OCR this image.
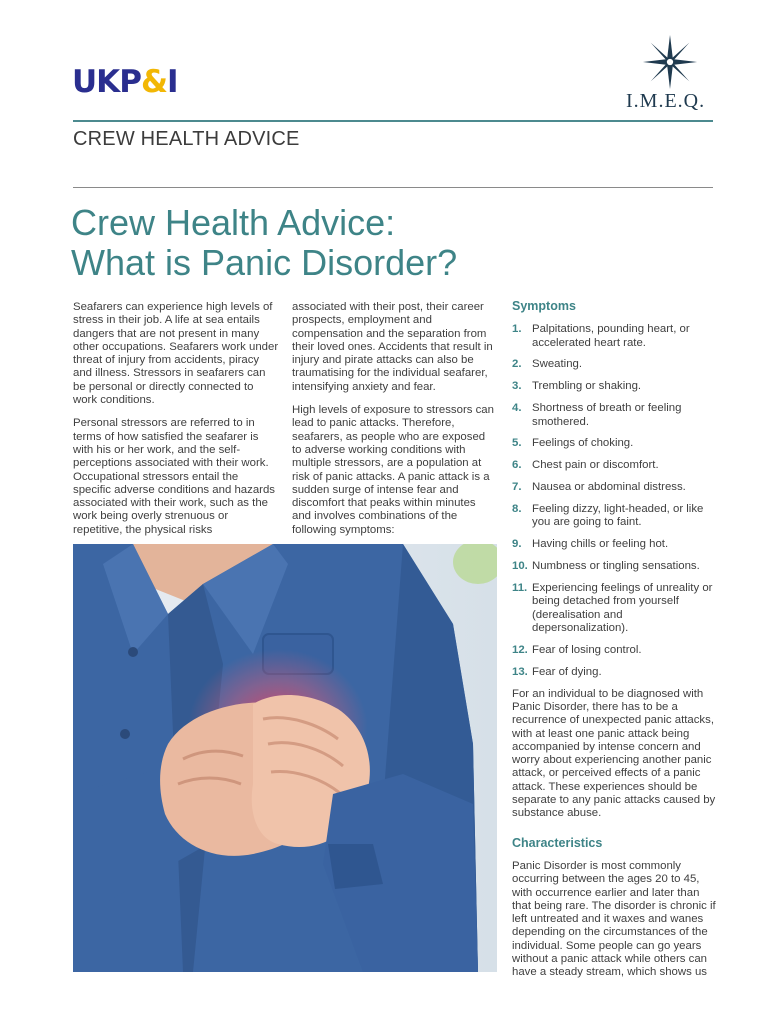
UKP&I
I.M.E.Q.
CREW HEALTH ADVICE
Crew Health Advice:
What is Panic Disorder?

Seafarers can experience high levels of stress in their job. A life at sea entails dangers that are not present in many other occupations. Seafarers work under threat of injury from accidents, piracy and illness. Stressors in seafarers can be personal or directly connected to work conditions.

Personal stressors are referred to in terms of how satisfied the seafarer is with his or her work, and the self-perceptions associated with their work. Occupational stressors entail the specific adverse conditions and hazards associated with their work, such as the work being overly strenuous or repetitive, the physical risks

associated with their post, their career prospects, employment and compensation and the separation from their loved ones. Accidents that result in injury and pirate attacks can also be traumatising for the individual seafarer, intensifying anxiety and fear.

High levels of exposure to stressors can lead to panic attacks. Therefore, seafarers, as people who are exposed to adverse working conditions with multiple stressors, are a population at risk of panic attacks. A panic attack is a sudden surge of intense fear and discomfort that peaks within minutes and involves combinations of the following symptoms:

Symptoms
1. Palpitations, pounding heart, or accelerated heart rate.
2. Sweating.
3. Trembling or shaking.
4. Shortness of breath or feeling smothered.
5. Feelings of choking.
6. Chest pain or discomfort.
7. Nausea or abdominal distress.
8. Feeling dizzy, light-headed, or like you are going to faint.
9. Having chills or feeling hot.
10. Numbness or tingling sensations.
11. Experiencing feelings of unreality or being detached from yourself (derealisation and depersonalization).
12. Fear of losing control.
13. Fear of dying.

For an individual to be diagnosed with Panic Disorder, there has to be a recurrence of unexpected panic attacks, with at least one panic attack being accompanied by intense concern and worry about experiencing another panic attack, or perceived effects of a panic attack. These experiences should be separate to any panic attacks caused by substance abuse.

Characteristics

Panic Disorder is most commonly occurring between the ages 20 to 45, with occurrence earlier and later than that being rare. The disorder is chronic if left untreated and it waxes and wanes depending on the circumstances of the individual. Some people can go years without a panic attack while others can have a steady stream, which shows us
